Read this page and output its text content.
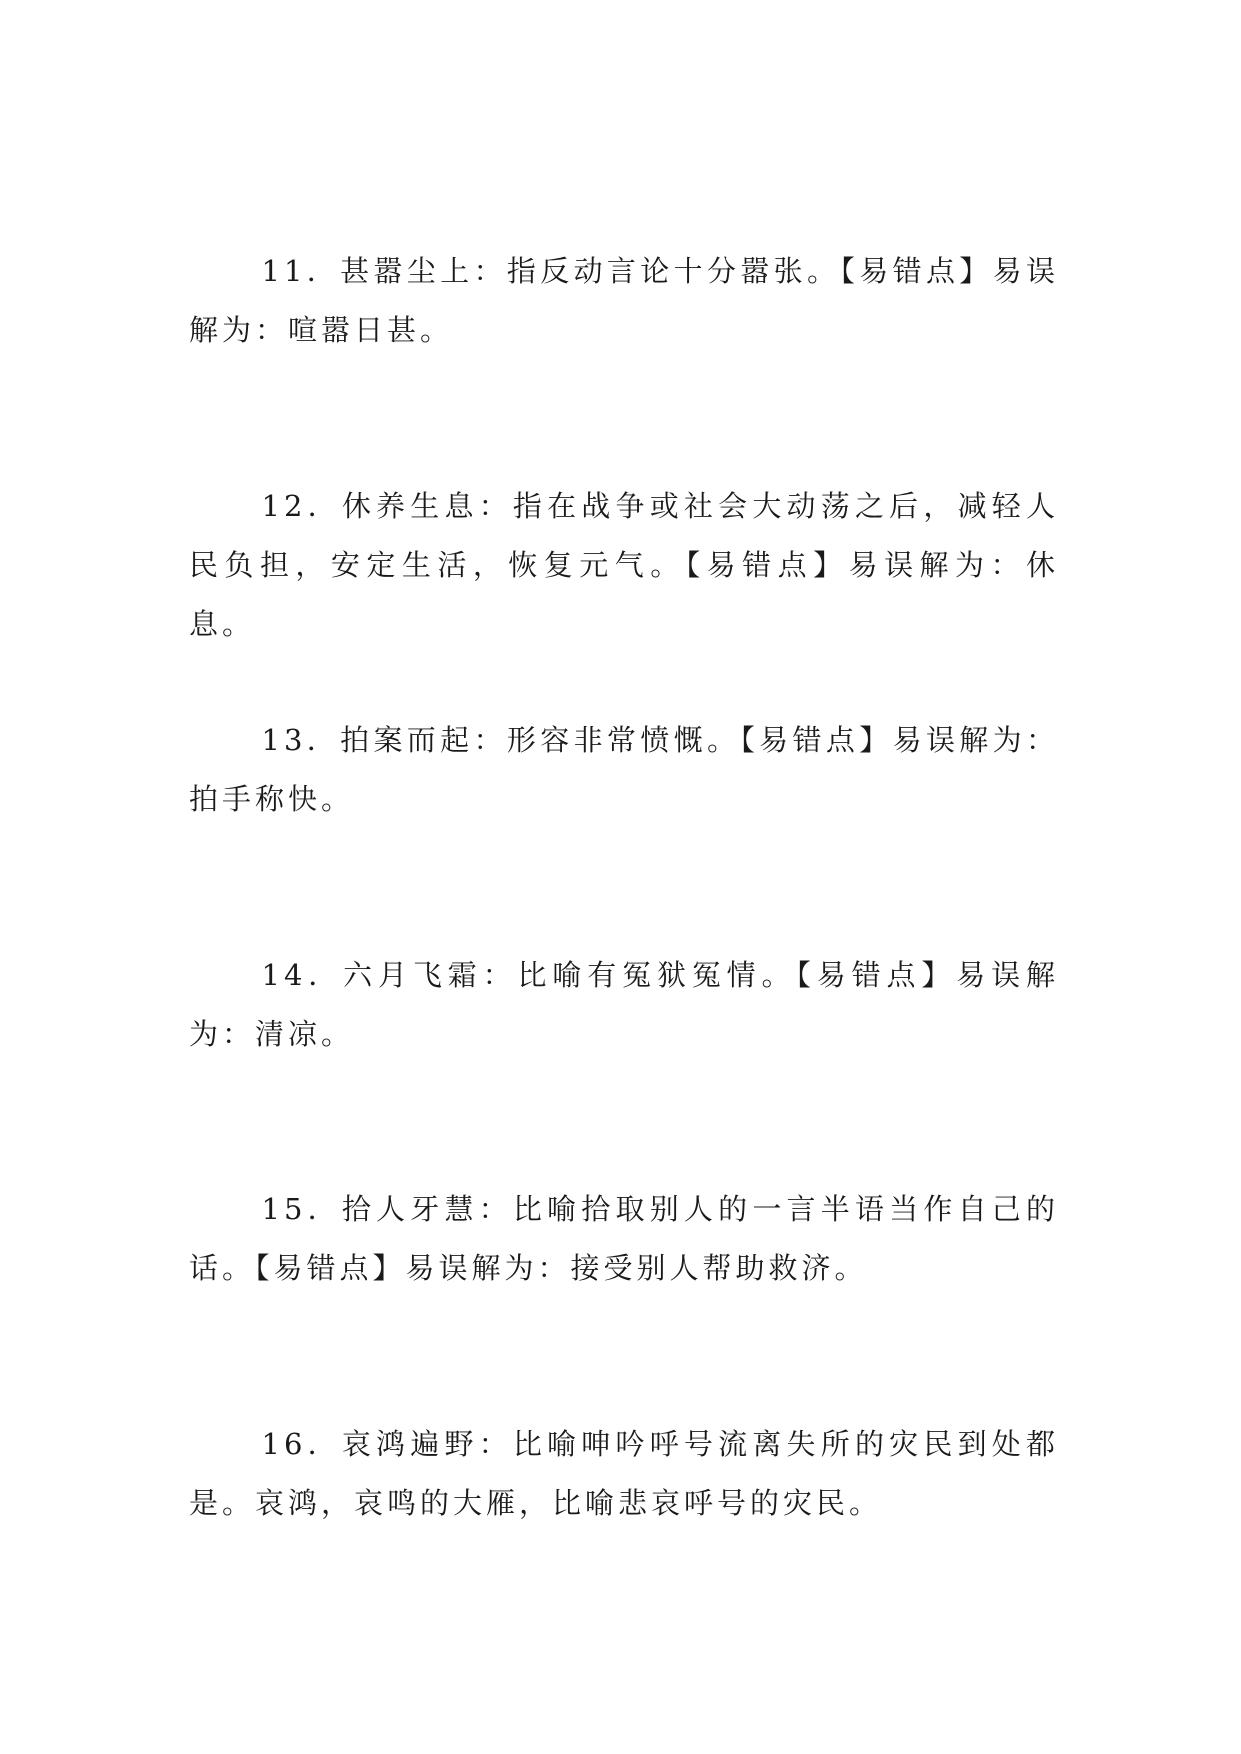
11．甚嚣尘上：指反动言论十分嚣张。【易错点】易误解为：喧嚣日甚。

12．休养生息：指在战争或社会大动荡之后，减轻人民负担，安定生活，恢复元气。【易错点】易误解为：休息。

13．拍案而起：形容非常愤慨。【易错点】易误解为：拍手称快。

14．六月飞霜：比喻有冤狱冤情。【易错点】易误解为：清凉。

15．拾人牙慧：比喻拾取别人的一言半语当作自己的话。【易错点】易误解为：接受别人帮助救济。

16．哀鸿遍野：比喻呻吟呼号流离失所的灾民到处都是。哀鸿，哀鸣的大雁，比喻悲哀呼号的灾民。
